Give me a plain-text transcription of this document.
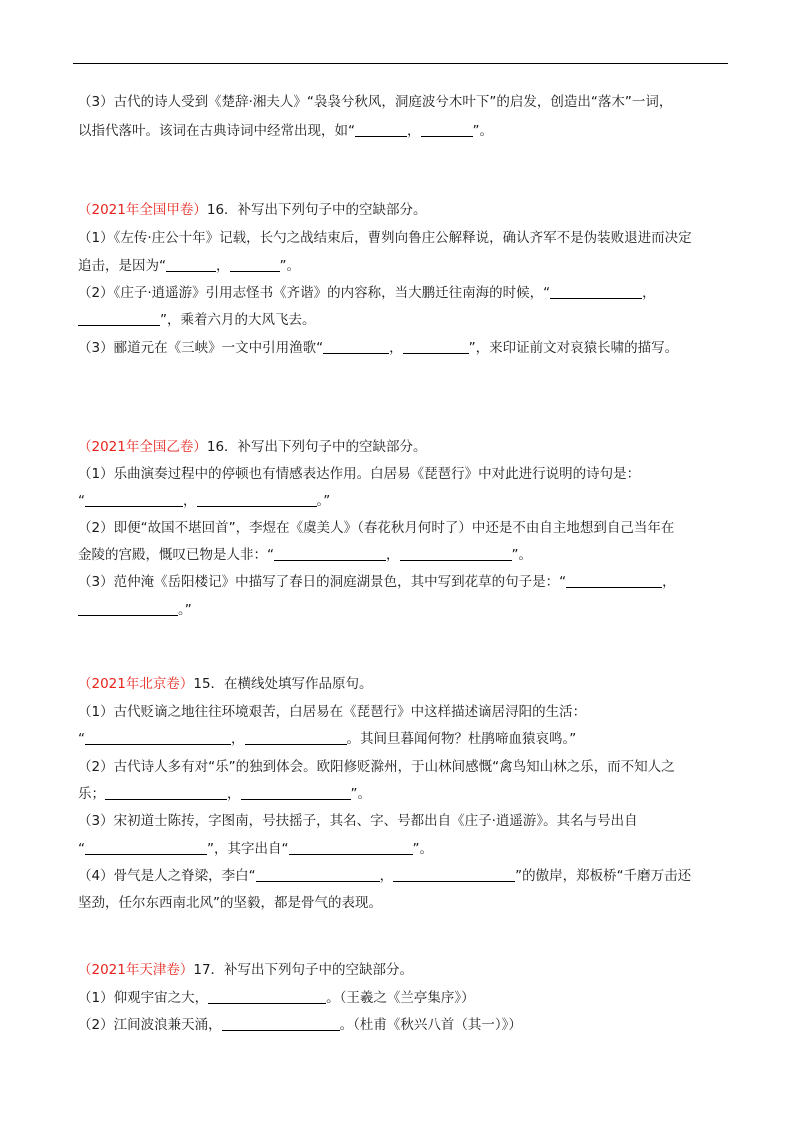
（3）古代的诗人受到《楚辞·湘夫人》“袅袅兮秋风，洞庭波兮木叶下”的启发，创造出“落木”一词，
以指代落叶。该词在古典诗词中经常出现，如“	，	”。
（2021年全国甲卷）16．补写出下列句子中的空缺部分。
（1）《左传·庄公十年》记载，长勺之战结束后，曹刿向鲁庄公解释说，确认齐军不是伪装败退进而决定
追击，是因为“	，	”。
（2）《庄子·逍遥游》引用志怪书《齐谐》的内容称，当大鹏迁往南海的时候，“	，
”，乘着六月的大风飞去。
（3）郦道元在《三峡》一文中引用渔歌“	，	”，来印证前文对哀猿长啸的描写。
（2021年全国乙卷）16．补写出下列句子中的空缺部分。
（1）乐曲演奏过程中的停顿也有情感表达作用。白居易《琵琶行》中对此进行说明的诗句是：
“	，	。”
（2）即便“故国不堪回首”，李煜在《虞美人》（春花秋月何时了）中还是不由自主地想到自己当年在
金陵的宫殿，慨叹已物是人非：“	，	”。
（3）范仲淹《岳阳楼记》中描写了春日的洞庭湖景色，其中写到花草的句子是：“	，
。”
（2021年北京卷）15．在横线处填写作品原句。
（1）古代贬谪之地往往环境艰苦，白居易在《琵琶行》中这样描述谪居浔阳的生活：
“	，	。其间旦暮闻何物？杜鹃啼血猿哀鸣。”
（2）古代诗人多有对“乐”的独到体会。欧阳修贬滁州，于山林间感慨“禽鸟知山林之乐，而不知人之
乐；	，	”。
（3）宋初道士陈抟，字图南，号扶摇子，其名、字、号都出自《庄子·逍遥游》。其名与号出自
“	”，其字出自“	”。
（4）骨气是人之脊梁，李白“	，	”的傲岸，郑板桥“千磨万击还
坚劲，任尔东西南北风”的坚毅，都是骨气的表现。
（2021年天津卷）17．补写出下列句子中的空缺部分。
（1）仰观宇宙之大，	。（王羲之《兰亭集序》）
（2）江间波浪兼天涌，	。（杜甫《秋兴八首（其一）》）
